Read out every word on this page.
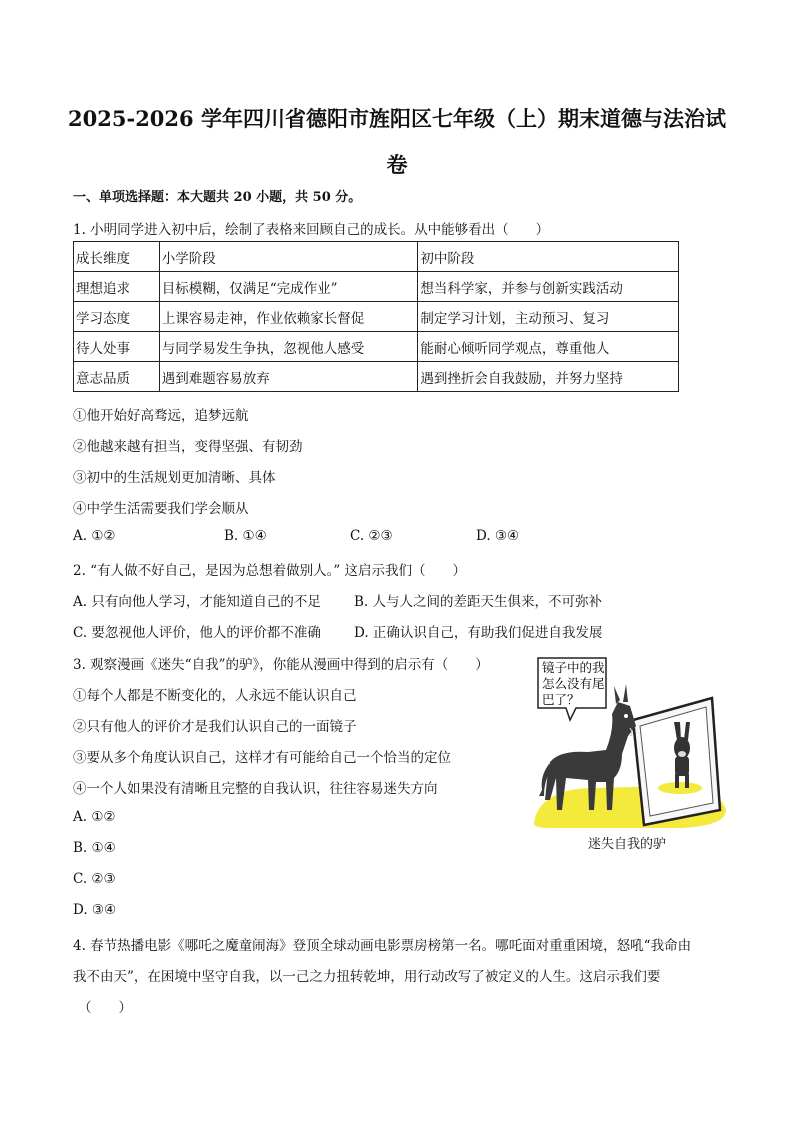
2025-2026 学年四川省德阳市旌阳区七年级（上）期末道德与法治试
卷
一、单项选择题：本大题共 20 小题，共 50 分。
1. 小明同学进入初中后，绘制了表格来回顾自己的成长。从中能够看出（　　）
成长维度	小学阶段	初中阶段
理想追求	目标模糊，仅满足“完成作业”	想当科学家，并参与创新实践活动
学习态度	上课容易走神，作业依赖家长督促	制定学习计划，主动预习、复习
待人处事	与同学易发生争执，忽视他人感受	能耐心倾听同学观点，尊重他人
意志品质	遇到难题容易放弃	遇到挫折会自我鼓励，并努力坚持
①他开始好高骛远，追梦远航
②他越来越有担当，变得坚强、有韧劲
③初中的生活规划更加清晰、具体
④中学生活需要我们学会顺从
A. ①②	B. ①④	C. ②③	D. ③④
2. “有人做不好自己，是因为总想着做别人。” 这启示我们（　　）
A. 只有向他人学习，才能知道自己的不足 B. 人与人之间的差距天生俱来，不可弥补
C. 要忽视他人评价，他人的评价都不准确 D. 正确认识自己，有助我们促进自我发展
3. 观察漫画《迷失“自我”的驴》，你能从漫画中得到的启示有（　　）
①每个人都是不断变化的，人永远不能认识自己
②只有他人的评价才是我们认识自己的一面镜子
③要从多个角度认识自己，这样才有可能给自己一个恰当的定位
④一个人如果没有清晰且完整的自我认识，往往容易迷失方向
A. ①②
B. ①④
C. ②③
D. ③④
镜子中的我
怎么没有尾
巴了？
迷失自我的驴
4. 春节热播电影《哪吒之魔童闹海》登顶全球动画电影票房榜第一名。哪吒面对重重困境，怒吼“我命由
我不由天”，在困境中坚守自我，以一己之力扭转乾坤，用行动改写了被定义的人生。这启示我们要
（　　）
